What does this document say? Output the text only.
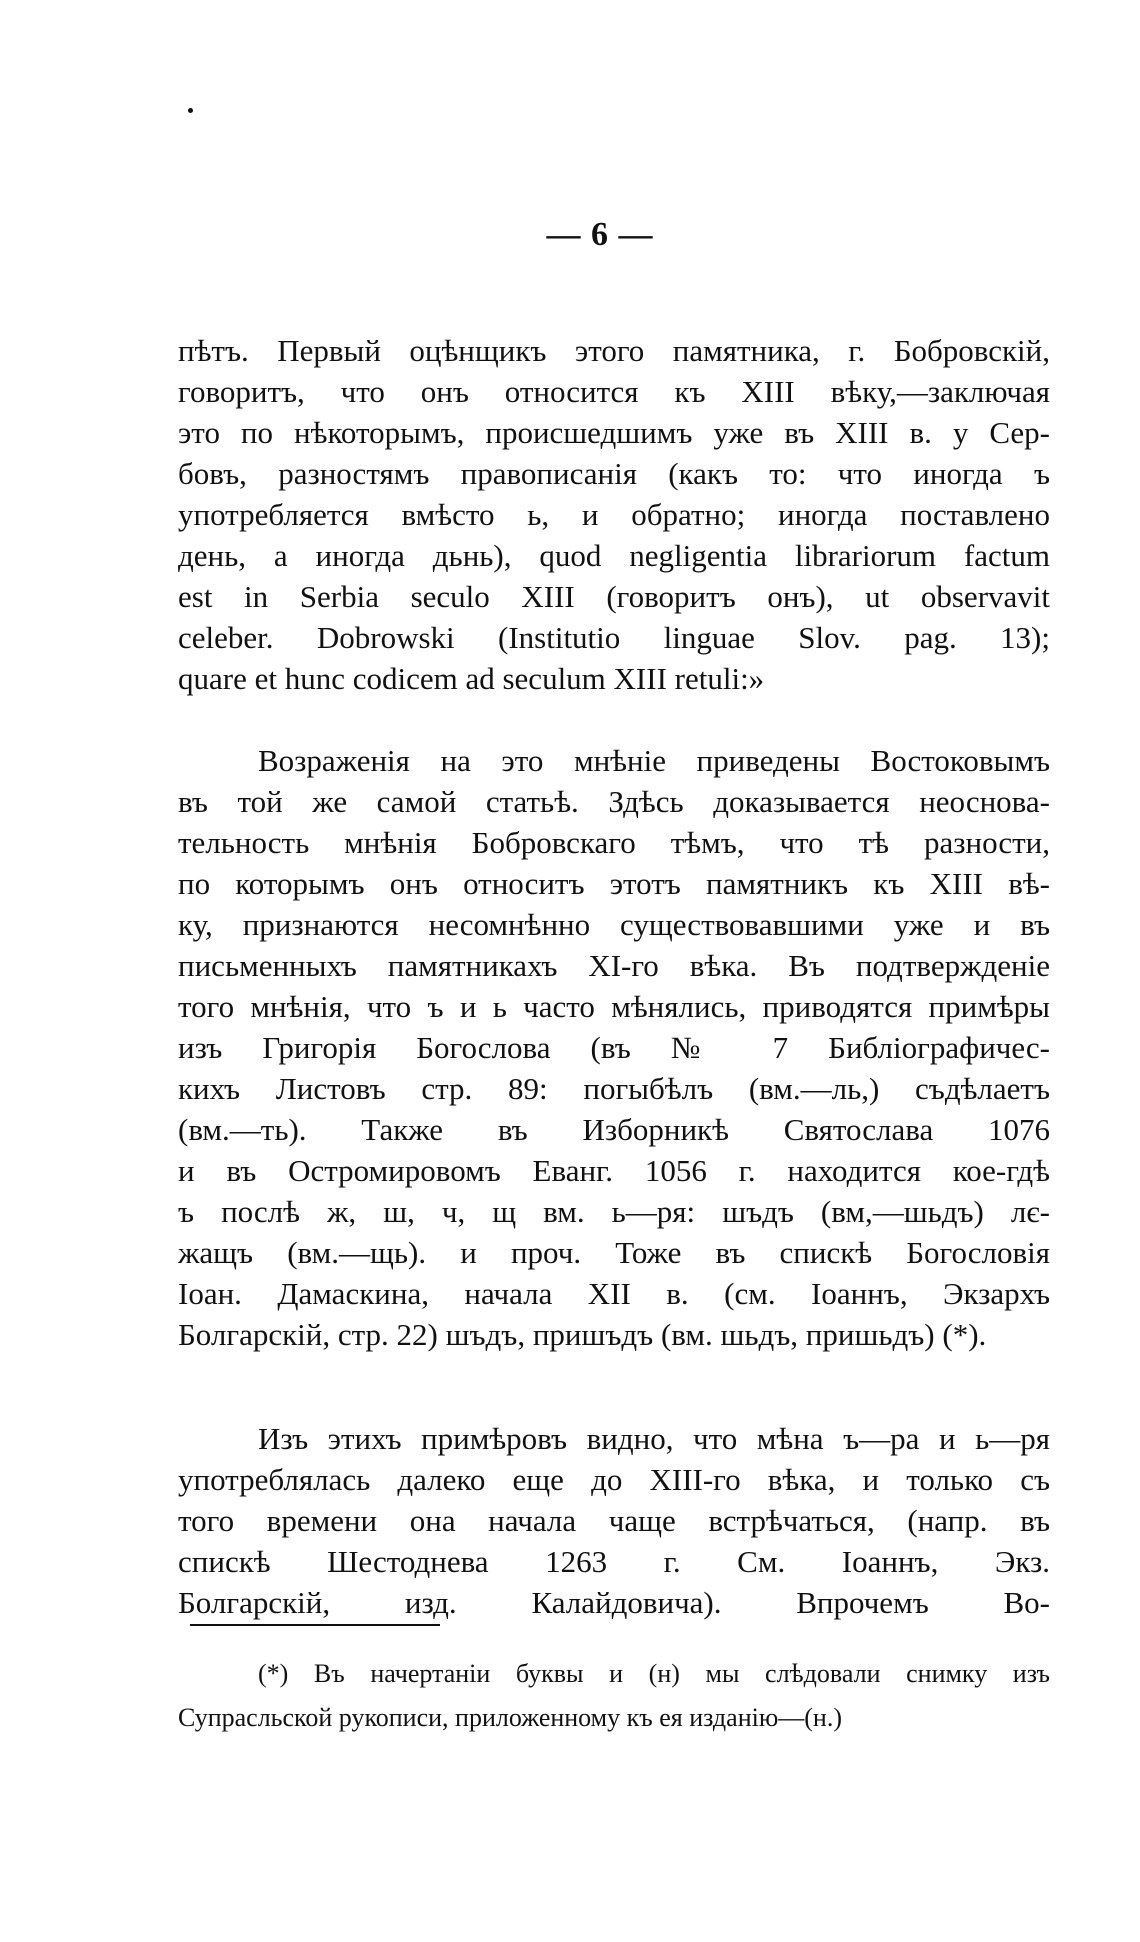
— 6 —
пѣтъ. Первый оцѣнщикъ этого памятника, г. Бобровскій,
говоритъ, что онъ относится къ XIII вѣку,—заключая
это по нѣкоторымъ, происшедшимъ уже въ XIII в. у Сер-
бовъ, разностямъ правописанія (какъ то: что иногда ъ
употребляется вмѣсто ь, и обратно; иногда поставлено
день, а иногда дьнь), quod negligentia librariorum factum
est in Serbia seculo XIII (говоритъ онъ), ut observavit
celeber. Dobrowski (Institutio linguae Slov. pag. 13);
quare et hunc codicem ad seculum XIII retuli:»
Возраженія на это мнѣніе приведены Востоковымъ
въ той же самой статьѣ. Здѣсь доказывается неоснова-
тельность мнѣнія Бобровскаго тѣмъ, что тѣ разности,
по которымъ онъ относитъ этотъ памятникъ къ XIII вѣ-
ку, признаются несомнѣнно существовавшими уже и въ
письменныхъ памятникахъ XI-го вѣка. Въ подтвержденіе
того мнѣнія, что ъ и ь часто мѣнялись, приводятся примѣры
изъ Григорія Богослова (въ № 7 Библіографичес-
кихъ Листовъ стр. 89: погыбѣлъ (вм.—ль,) съдѣлаетъ
(вм.—ть). Также въ Изборникѣ Святослава 1076
и въ Остромировомъ Еванг. 1056 г. находится кое-гдѣ
ъ послѣ ж, ш, ч, щ вм. ь—ря: шъдъ (вм,—шьдъ) лє-
жащъ (вм.—щь). и проч. Тоже въ спискѣ Богословія
Іоан. Дамаскина, начала XII в. (см. Іоаннъ, Экзархъ
Болгарскій, стр. 22) шъдъ, пришъдъ (вм. шьдъ, пришьдъ) (*).
Изъ этихъ примѣровъ видно, что мѣна ъ—ра и ь—ря
употреблялась далеко еще до XIII-го вѣка, и только съ
того времени она начала чаще встрѣчаться, (напр. въ
спискѣ Шестоднева 1263 г. См. Іоаннъ, Экз.
Болгарскій, изд. Калайдовича). Впрочемъ Во-
(*) Въ начертаніи буквы и (н) мы слѣдовали снимку изъ
Супрасльской рукописи, приложенному къ ея изданію—(н.)
